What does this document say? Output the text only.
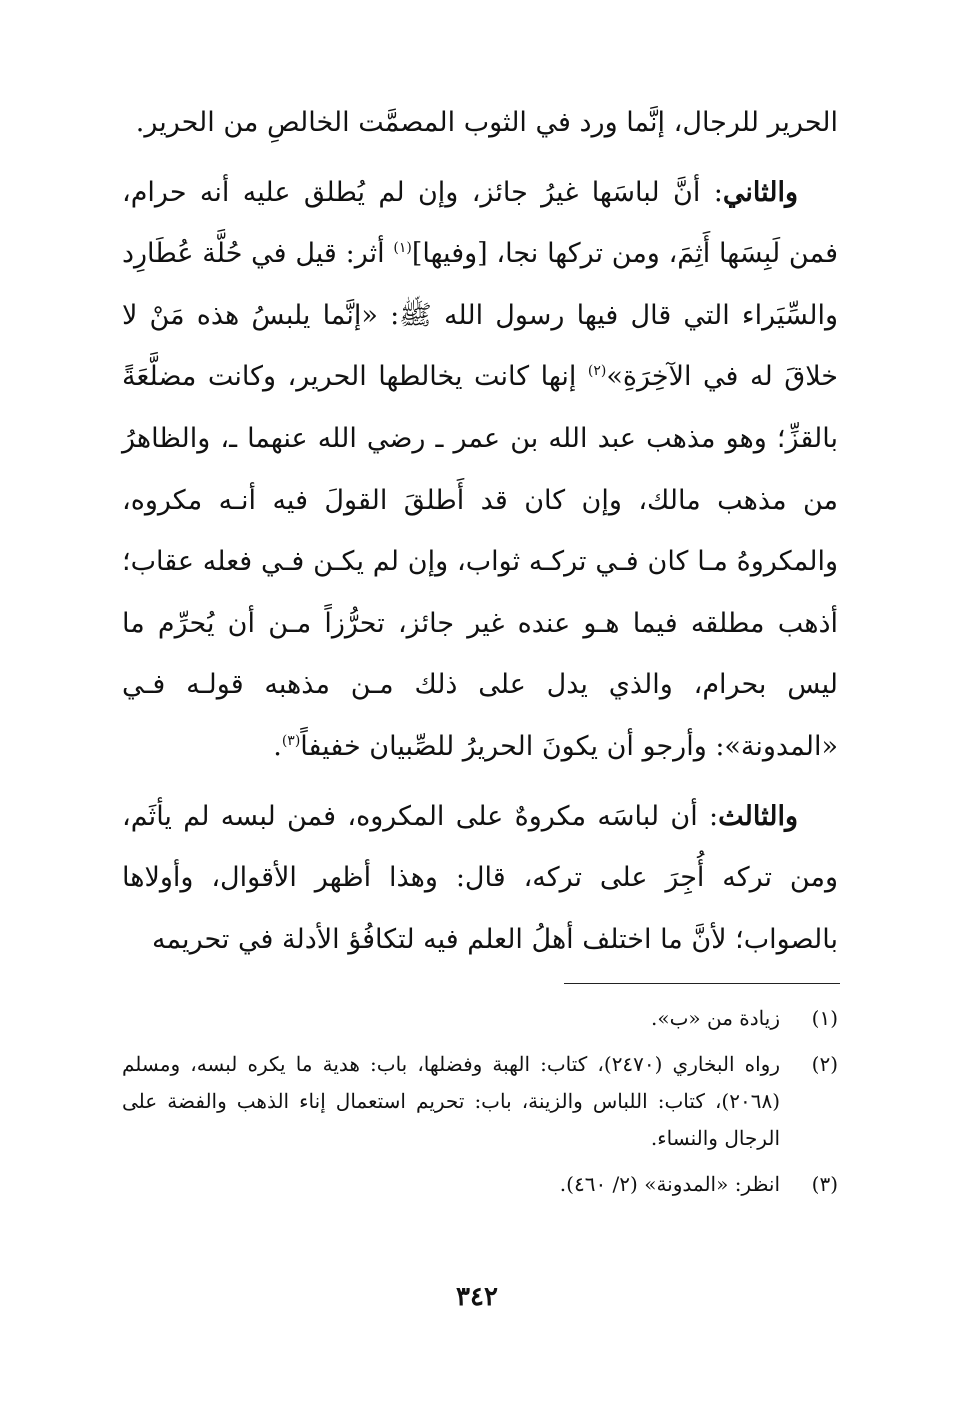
الحرير للرجال، إنَّما ورد في الثوب المصمَّت الخالصِ من الحرير.

والثاني: أنَّ لباسَها غيرُ جائز، وإن لم يُطلق عليه أنه حرام، فمن لَبِسَها أَثِمَ، ومن تركها نجا، [وفيها]$^{(١)}$ أثر: قيل في حُلَّة عُطَارِد والسِّيَراء التي قال فيها رسول الله ﷺ: «إنَّما يلبسُ هذه مَنْ لا خلاقَ له في الآخِرَةِ»$^{(٢)}$ إنها كانت يخالطها الحرير، وكانت مضلَّعَةً بالقزِّ؛ وهو مذهب عبد الله بن عمر ـ رضي الله عنهما ـ، والظاهرُ من مذهب مالك، وإن كان قد أَطلقَ القولَ فيه أنـه مكروه، والمكروهُ مـا كان فـي تركـه ثواب، وإن لم يكـن فـي فعله عقاب؛ أذهب مطلقه فيما هـو عنده غير جائز، تحرُّزاً مـن أن يُحرِّم ما ليس بحرام، والذي يدل على ذلك مـن مذهبه قولـه فـي «المدونة»: وأرجو أن يكونَ الحريرُ للصِّبيان خفيفاً$^{(٣)}$.

والثالث: أن لباسَه مكروهٌ على المكروه، فمن لبسه لم يأثَم، ومن تركه أُجِرَ على تركه، قال: وهذا أظهر الأقوال، وأولاها بالصواب؛ لأنَّ ما اختلف أهلُ العلم فيه لتكافُؤ الأدلة في تحريمه

(١)
زيادة من «ب».
(٢)
رواه البخاري (٢٤٧٠)، كتاب: الهبة وفضلها، باب: هدية ما يكره لبسه، ومسلم (٢٠٦٨)، كتاب: اللباس والزينة، باب: تحريم استعمال إناء الذهب والفضة على الرجال والنساء.
(٣)
انظر: «المدونة» (٢/ ٤٦٠).
٣٤٢
